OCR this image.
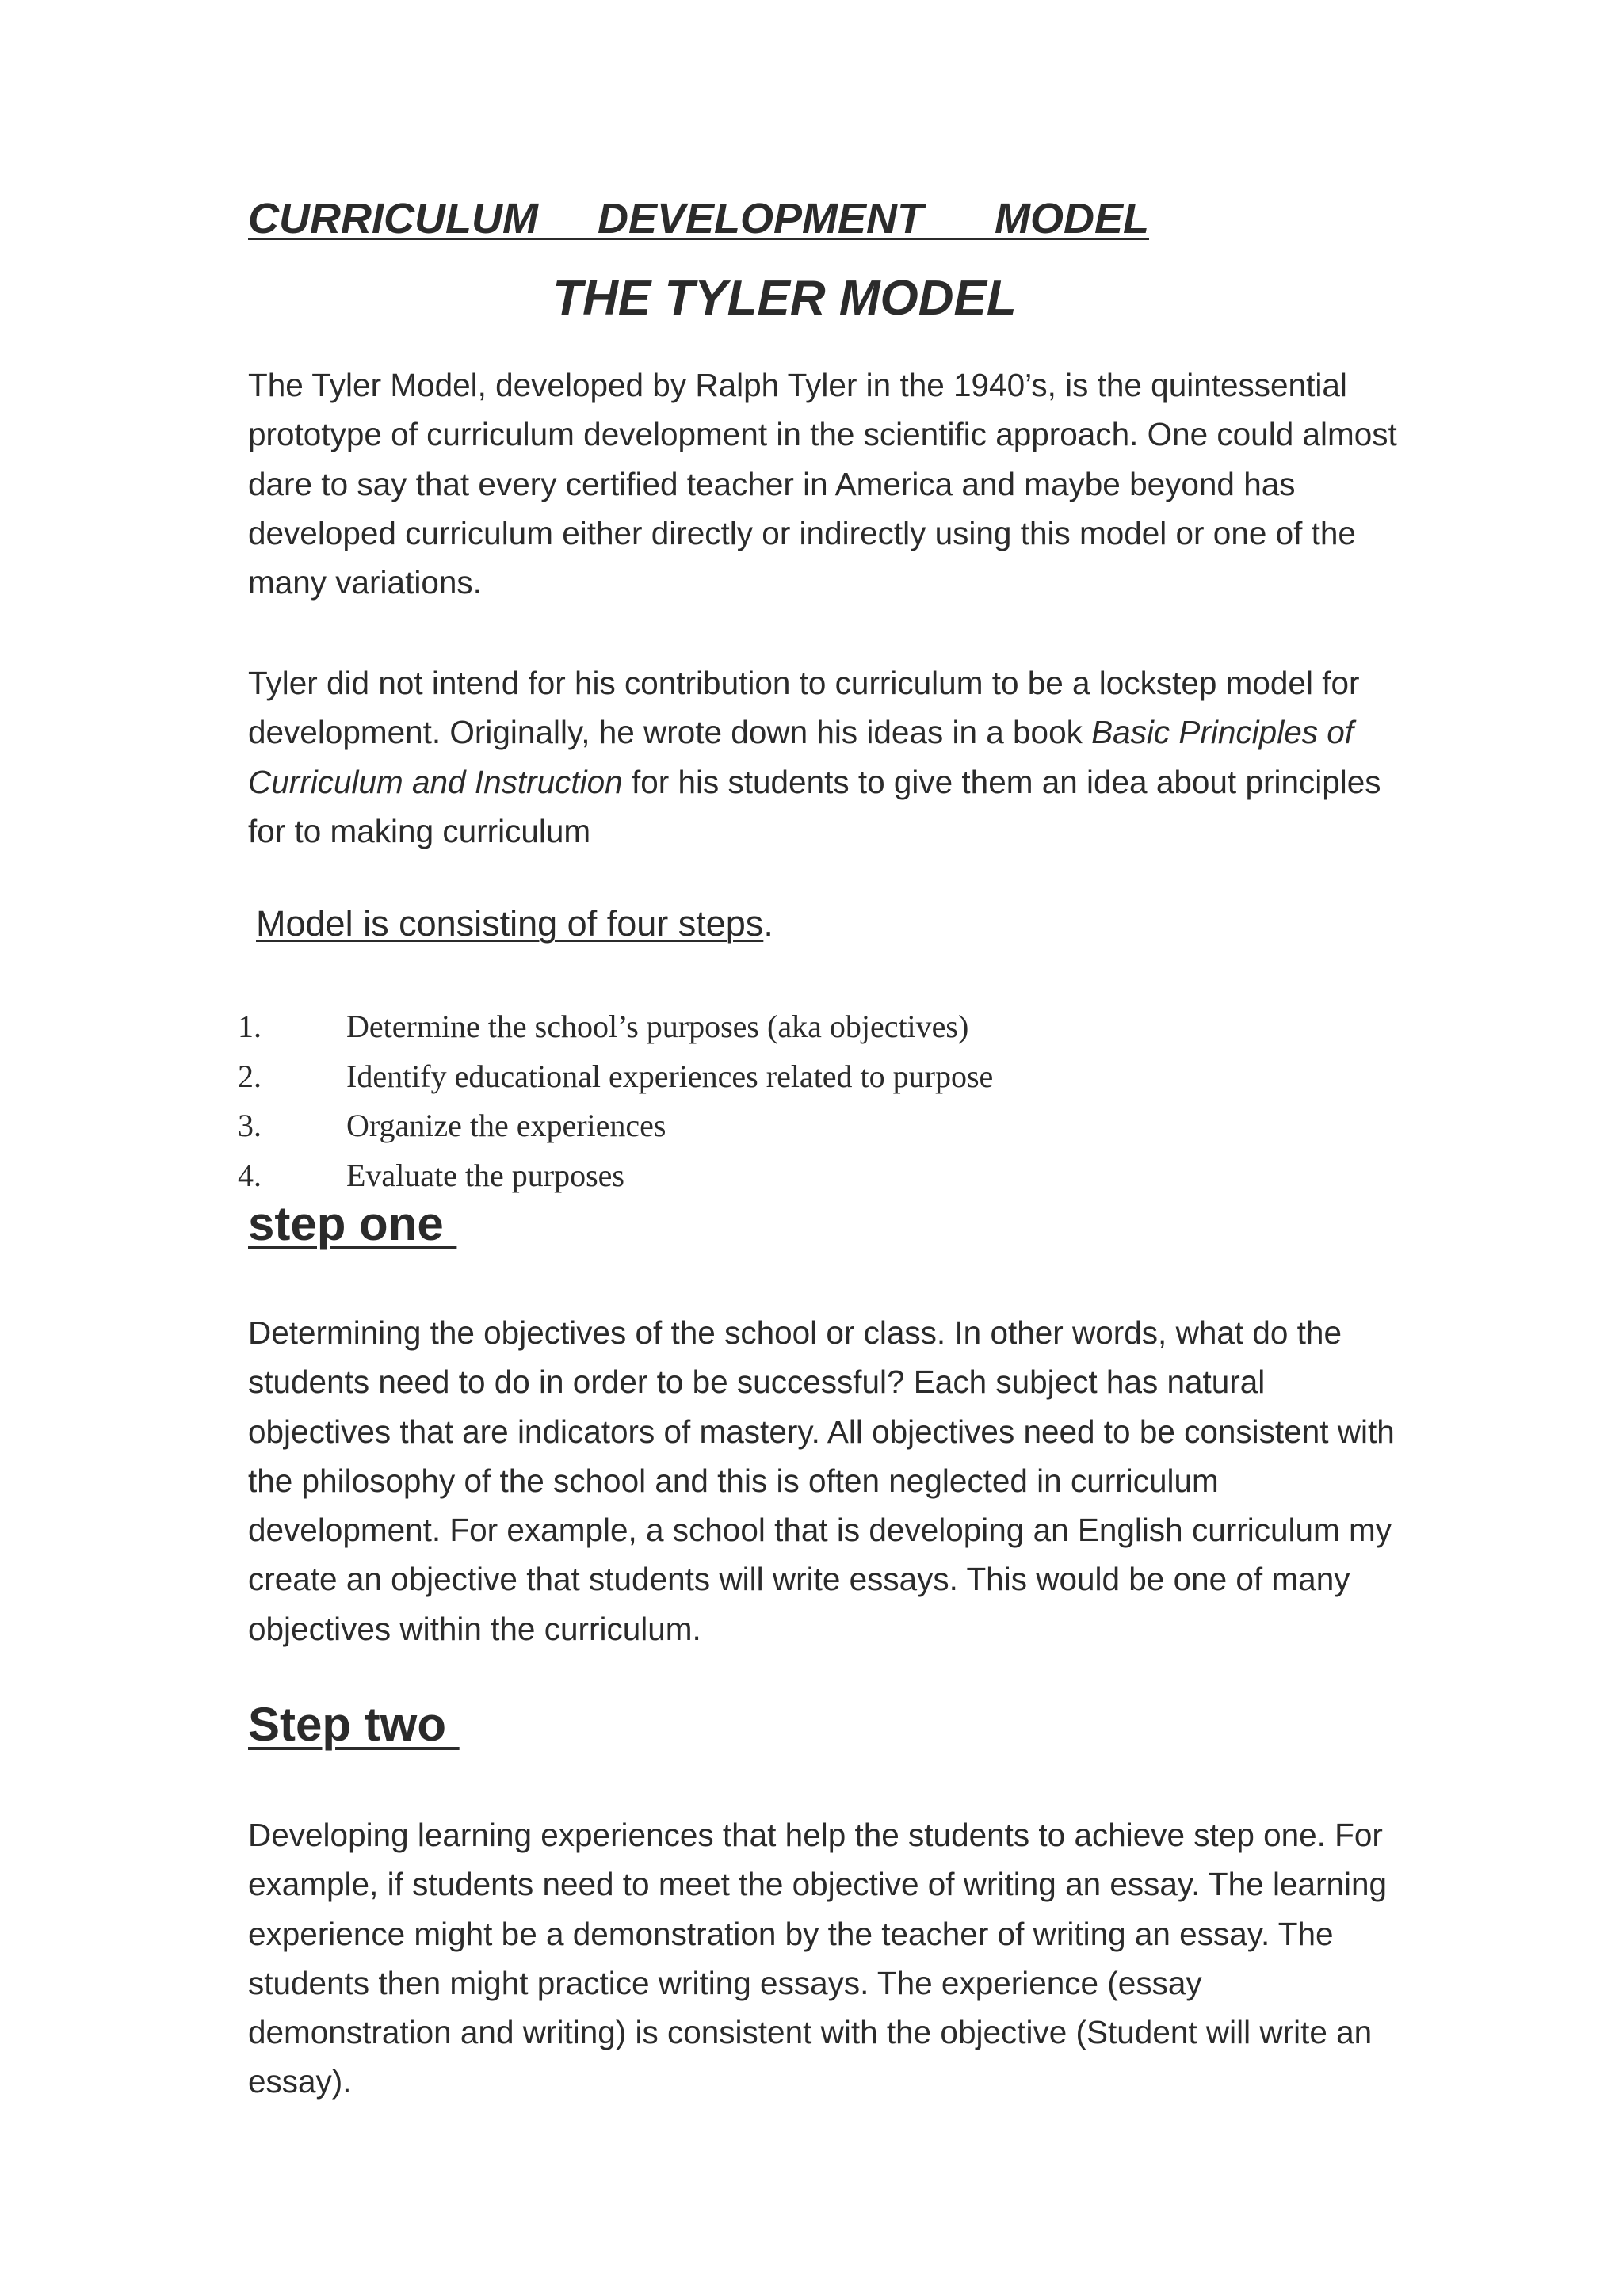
CURRICULUM     DEVELOPMENT      MODEL
THE TYLER MODEL

The Tyler Model, developed by Ralph Tyler in the 1940’s, is the quintessential prototype of curriculum development in the scientific approach. One could almost dare to say that every certified teacher in America and maybe beyond has developed curriculum either directly or indirectly using this model or one of the many variations.

Tyler did not intend for his contribution to curriculum to be a lockstep model for development. Originally, he wrote down his ideas in a book Basic Principles of Curriculum and Instruction for his students to give them an idea about principles for to making curriculum

Model is consisting of four steps.

1.	Determine the school’s purposes (aka objectives)
2.	Identify educational experiences related to purpose
3.	Organize the experiences
4.	Evaluate the purposes
step one

Determining the objectives of the school or class. In other words, what do the students need to do in order to be successful? Each subject has natural objectives that are indicators of mastery. All objectives need to be consistent with the philosophy of the school and this is often neglected in curriculum development. For example, a school that is developing an English curriculum my create an objective that students will write essays. This would be one of many objectives within the curriculum.

Step two

Developing learning experiences that help the students to achieve step one. For example, if students need to meet the objective of writing an essay. The learning experience might be a demonstration by the teacher of writing an essay. The students then might practice writing essays. The experience (essay demonstration and writing) is consistent with the objective (Student will write an essay).
